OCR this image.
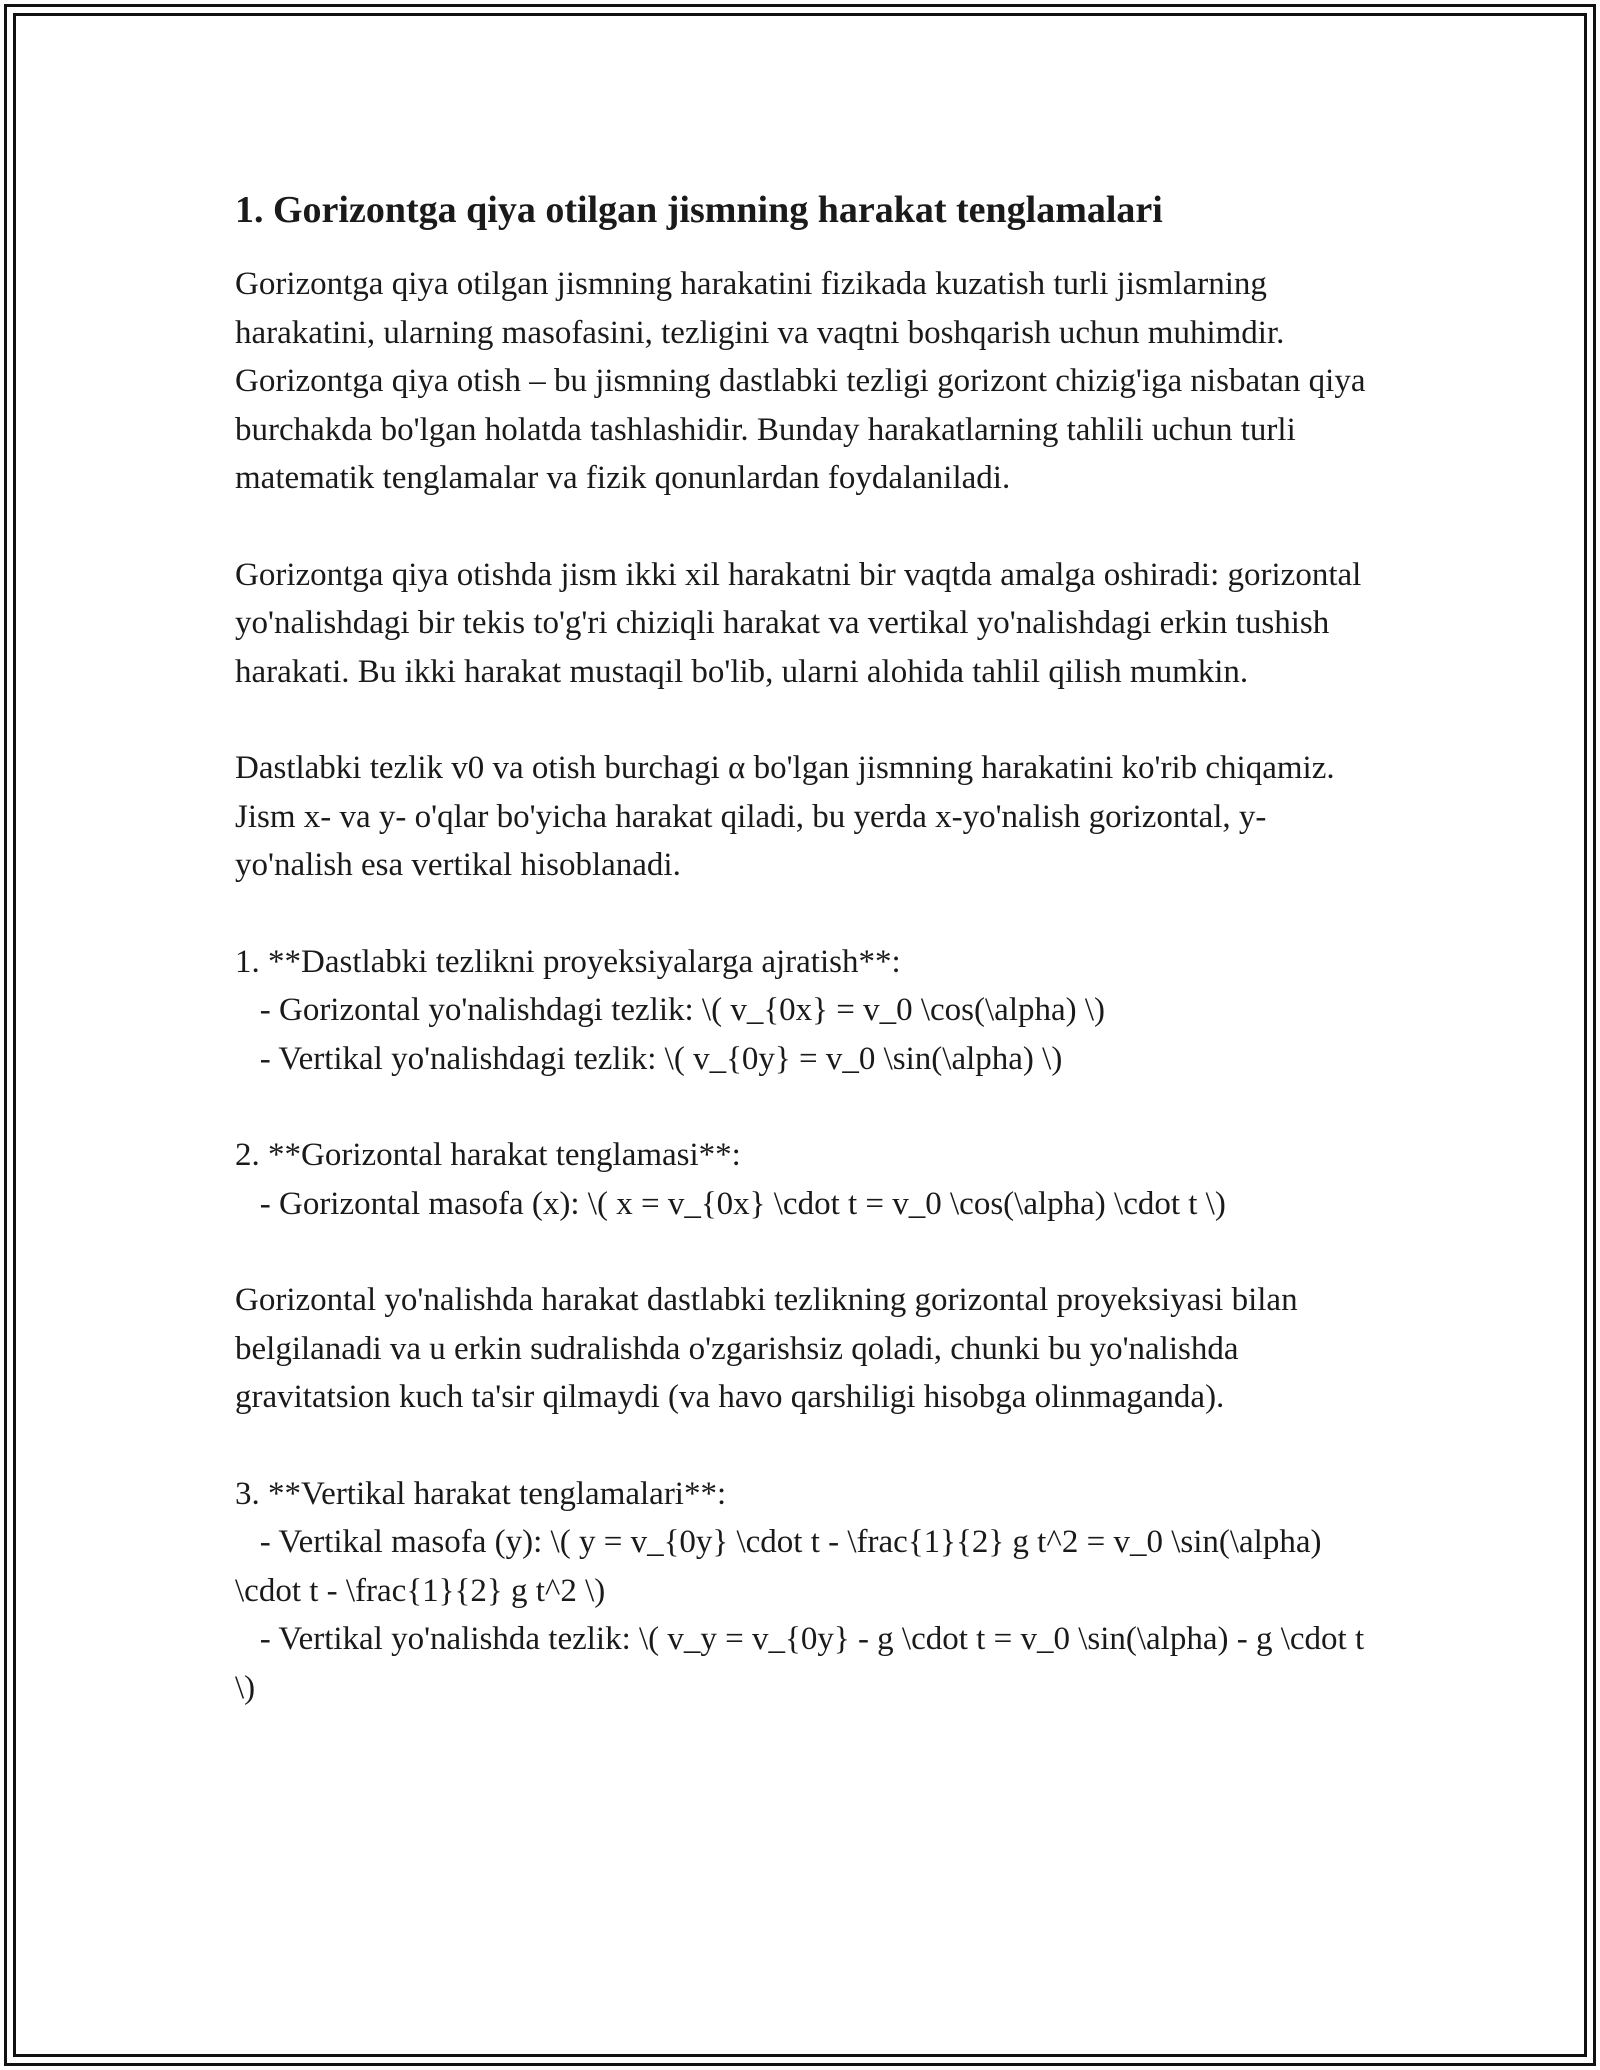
1. Gorizontga qiya otilgan jismning harakat tenglamalari

Gorizontga qiya otilgan jismning harakatini fizikada kuzatish turli jismlarning harakatini, ularning masofasini, tezligini va vaqtni boshqarish uchun muhimdir. Gorizontga qiya otish – bu jismning dastlabki tezligi gorizont chizig'iga nisbatan qiya burchakda bo'lgan holatda tashlashidir. Bunday harakatlarning tahlili uchun turli matematik tenglamalar va fizik qonunlardan foydalaniladi.

Gorizontga qiya otishda jism ikki xil harakatni bir vaqtda amalga oshiradi: gorizontal yo'nalishdagi bir tekis to'g'ri chiziqli harakat va vertikal yo'nalishdagi erkin tushish harakati. Bu ikki harakat mustaqil bo'lib, ularni alohida tahlil qilish mumkin.

Dastlabki tezlik v0 va otish burchagi α bo'lgan jismning harakatini ko'rib chiqamiz. Jism x- va y- o'qlar bo'yicha harakat qiladi, bu yerda x-yo'nalish gorizontal, y-yo'nalish esa vertikal hisoblanadi.

1. **Dastlabki tezlikni proyeksiyalarga ajratish**:
- Gorizontal yo'nalishdagi tezlik: \( v_{0x} = v_0 \cos(\alpha) \)
- Vertikal yo'nalishdagi tezlik: \( v_{0y} = v_0 \sin(\alpha) \)

2. **Gorizontal harakat tenglamasi**:
- Gorizontal masofa (x): \( x = v_{0x} \cdot t = v_0 \cos(\alpha) \cdot t \)

Gorizontal yo'nalishda harakat dastlabki tezlikning gorizontal proyeksiyasi bilan belgilanadi va u erkin sudralishda o'zgarishsiz qoladi, chunki bu yo'nalishda gravitatsion kuch ta'sir qilmaydi (va havo qarshiligi hisobga olinmaganda).

3. **Vertikal harakat tenglamalari**:
- Vertikal masofa (y): \( y = v_{0y} \cdot t - \frac{1}{2} g t^2 = v_0 \sin(\alpha) \cdot t - \frac{1}{2} g t^2 \)
- Vertikal yo'nalishda tezlik: \( v_y = v_{0y} - g \cdot t = v_0 \sin(\alpha) - g \cdot t \)
